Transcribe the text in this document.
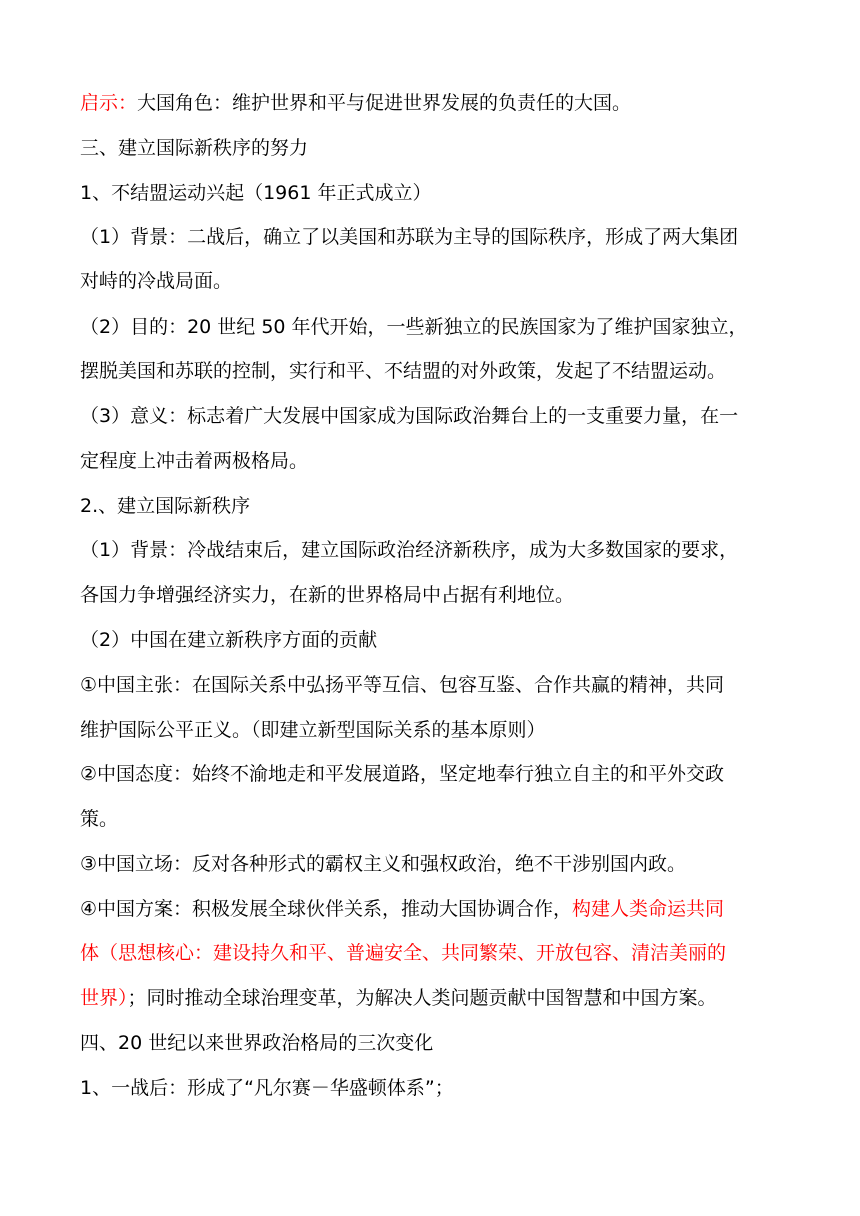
启示：大国角色：维护世界和平与促进世界发展的负责任的大国。
三、建立国际新秩序的努力
1、不结盟运动兴起（1961 年正式成立）
（1）背景：二战后，确立了以美国和苏联为主导的国际秩序，形成了两大集团
对峙的冷战局面。
（2）目的：20 世纪 50 年代开始，一些新独立的民族国家为了维护国家独立，
摆脱美国和苏联的控制，实行和平、不结盟的对外政策，发起了不结盟运动。
（3）意义：标志着广大发展中国家成为国际政治舞台上的一支重要力量，在一
定程度上冲击着两极格局。
2.、建立国际新秩序
（1）背景：冷战结束后，建立国际政治经济新秩序，成为大多数国家的要求，
各国力争增强经济实力，在新的世界格局中占据有利地位。
（2）中国在建立新秩序方面的贡献
①中国主张：在国际关系中弘扬平等互信、包容互鉴、合作共赢的精神，共同
维护国际公平正义。（即建立新型国际关系的基本原则）
②中国态度：始终不渝地走和平发展道路，坚定地奉行独立自主的和平外交政
策。
③中国立场：反对各种形式的霸权主义和强权政治，绝不干涉别国内政。
④中国方案：积极发展全球伙伴关系，推动大国协调合作，构建人类命运共同
体（思想核心：建设持久和平、普遍安全、共同繁荣、开放包容、清洁美丽的
世界）；同时推动全球治理变革，为解决人类问题贡献中国智慧和中国方案。
四、20 世纪以来世界政治格局的三次变化
1、一战后：形成了“凡尔赛－华盛顿体系”；
